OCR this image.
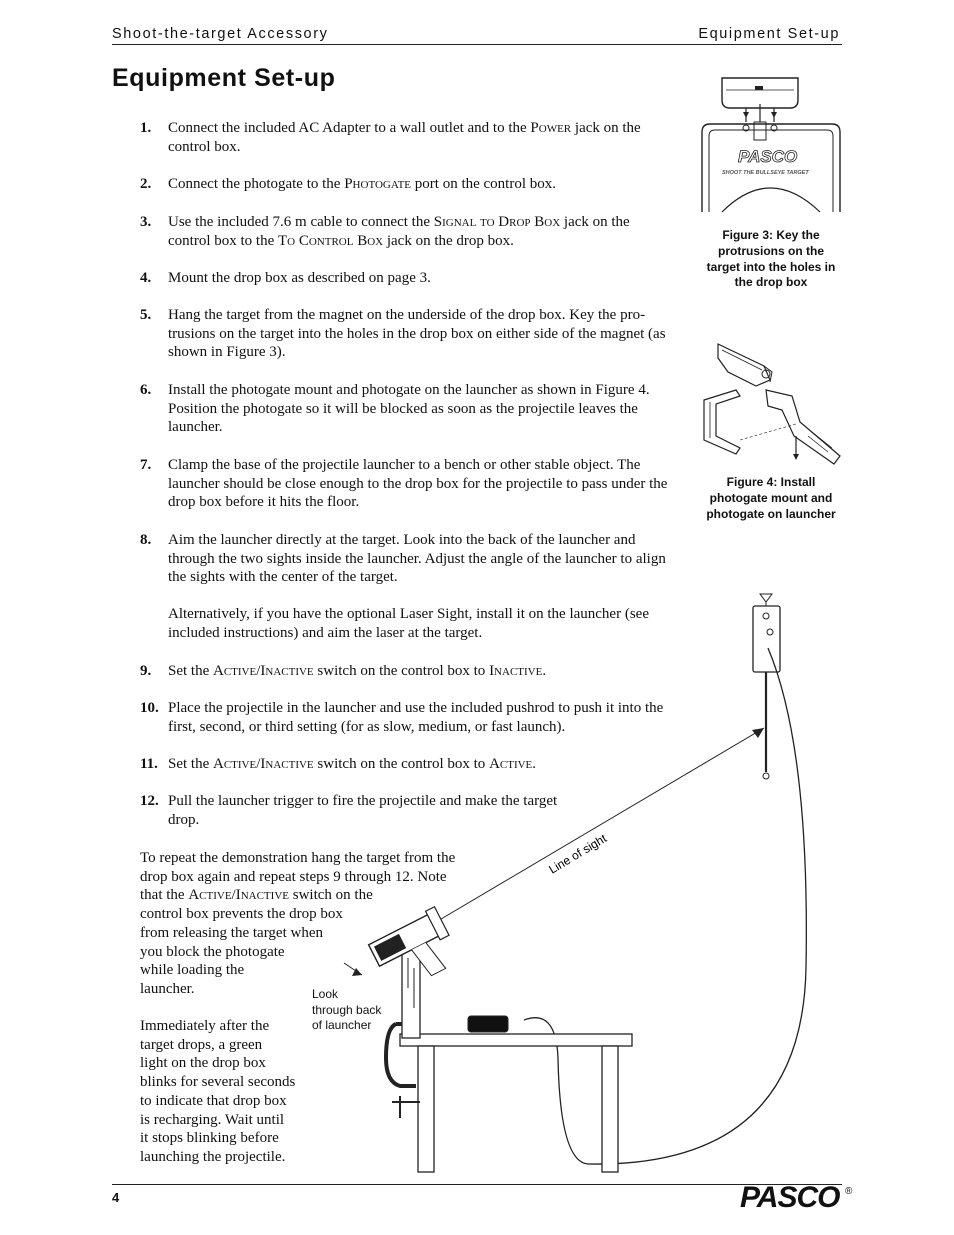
Shoot-the-target Accessory	Equipment Set-up
Equipment Set-up
1. Connect the included AC Adapter to a wall outlet and to the Power jack on the control box.
2. Connect the photogate to the Photogate port on the control box.
3. Use the included 7.6 m cable to connect the Signal to Drop Box jack on the control box to the To Control Box jack on the drop box.
4. Mount the drop box as described on page 3.
5. Hang the target from the magnet on the underside of the drop box. Key the pro-trusions on the target into the holes in the drop box on either side of the magnet (as shown in Figure 3).
6. Install the photogate mount and photogate on the launcher as shown in Figure 4. Position the photogate so it will be blocked as soon as the projectile leaves the launcher.
7. Clamp the base of the projectile launcher to a bench or other stable object. The launcher should be close enough to the drop box for the projectile to pass under the drop box before it hits the floor.
8. Aim the launcher directly at the target. Look into the back of the launcher and through the two sights inside the launcher. Adjust the angle of the launcher to align the sights with the center of the target.
Alternatively, if you have the optional Laser Sight, install it on the launcher (see included instructions) and aim the laser at the target.
9. Set the Active/Inactive switch on the control box to Inactive.
10. Place the projectile in the launcher and use the included pushrod to push it into the first, second, or third setting (for as slow, medium, or fast launch).
11. Set the Active/Inactive switch on the control box to Active.
12. Pull the launcher trigger to fire the projectile and make the target drop.
To repeat the demonstration hang the target from the
drop box again and repeat steps 9 through 12. Note
that the Active/Inactive switch on the
control box prevents the drop box
from releasing the target when
you block the photogate
while loading the
launcher.
Immediately after the
target drops, a green
light on the drop box
blinks for several seconds
to indicate that drop box
is recharging. Wait until
it stops blinking before
launching the projectile.
PASCO
SHOOT THE BULLSEYE TARGET
Figure 3: Key the protrusions on the target into the holes in the drop box
Figure 4: Install photogate mount and photogate on launcher
Line of sight
Look
through back
of launcher
4	PASCO ®
